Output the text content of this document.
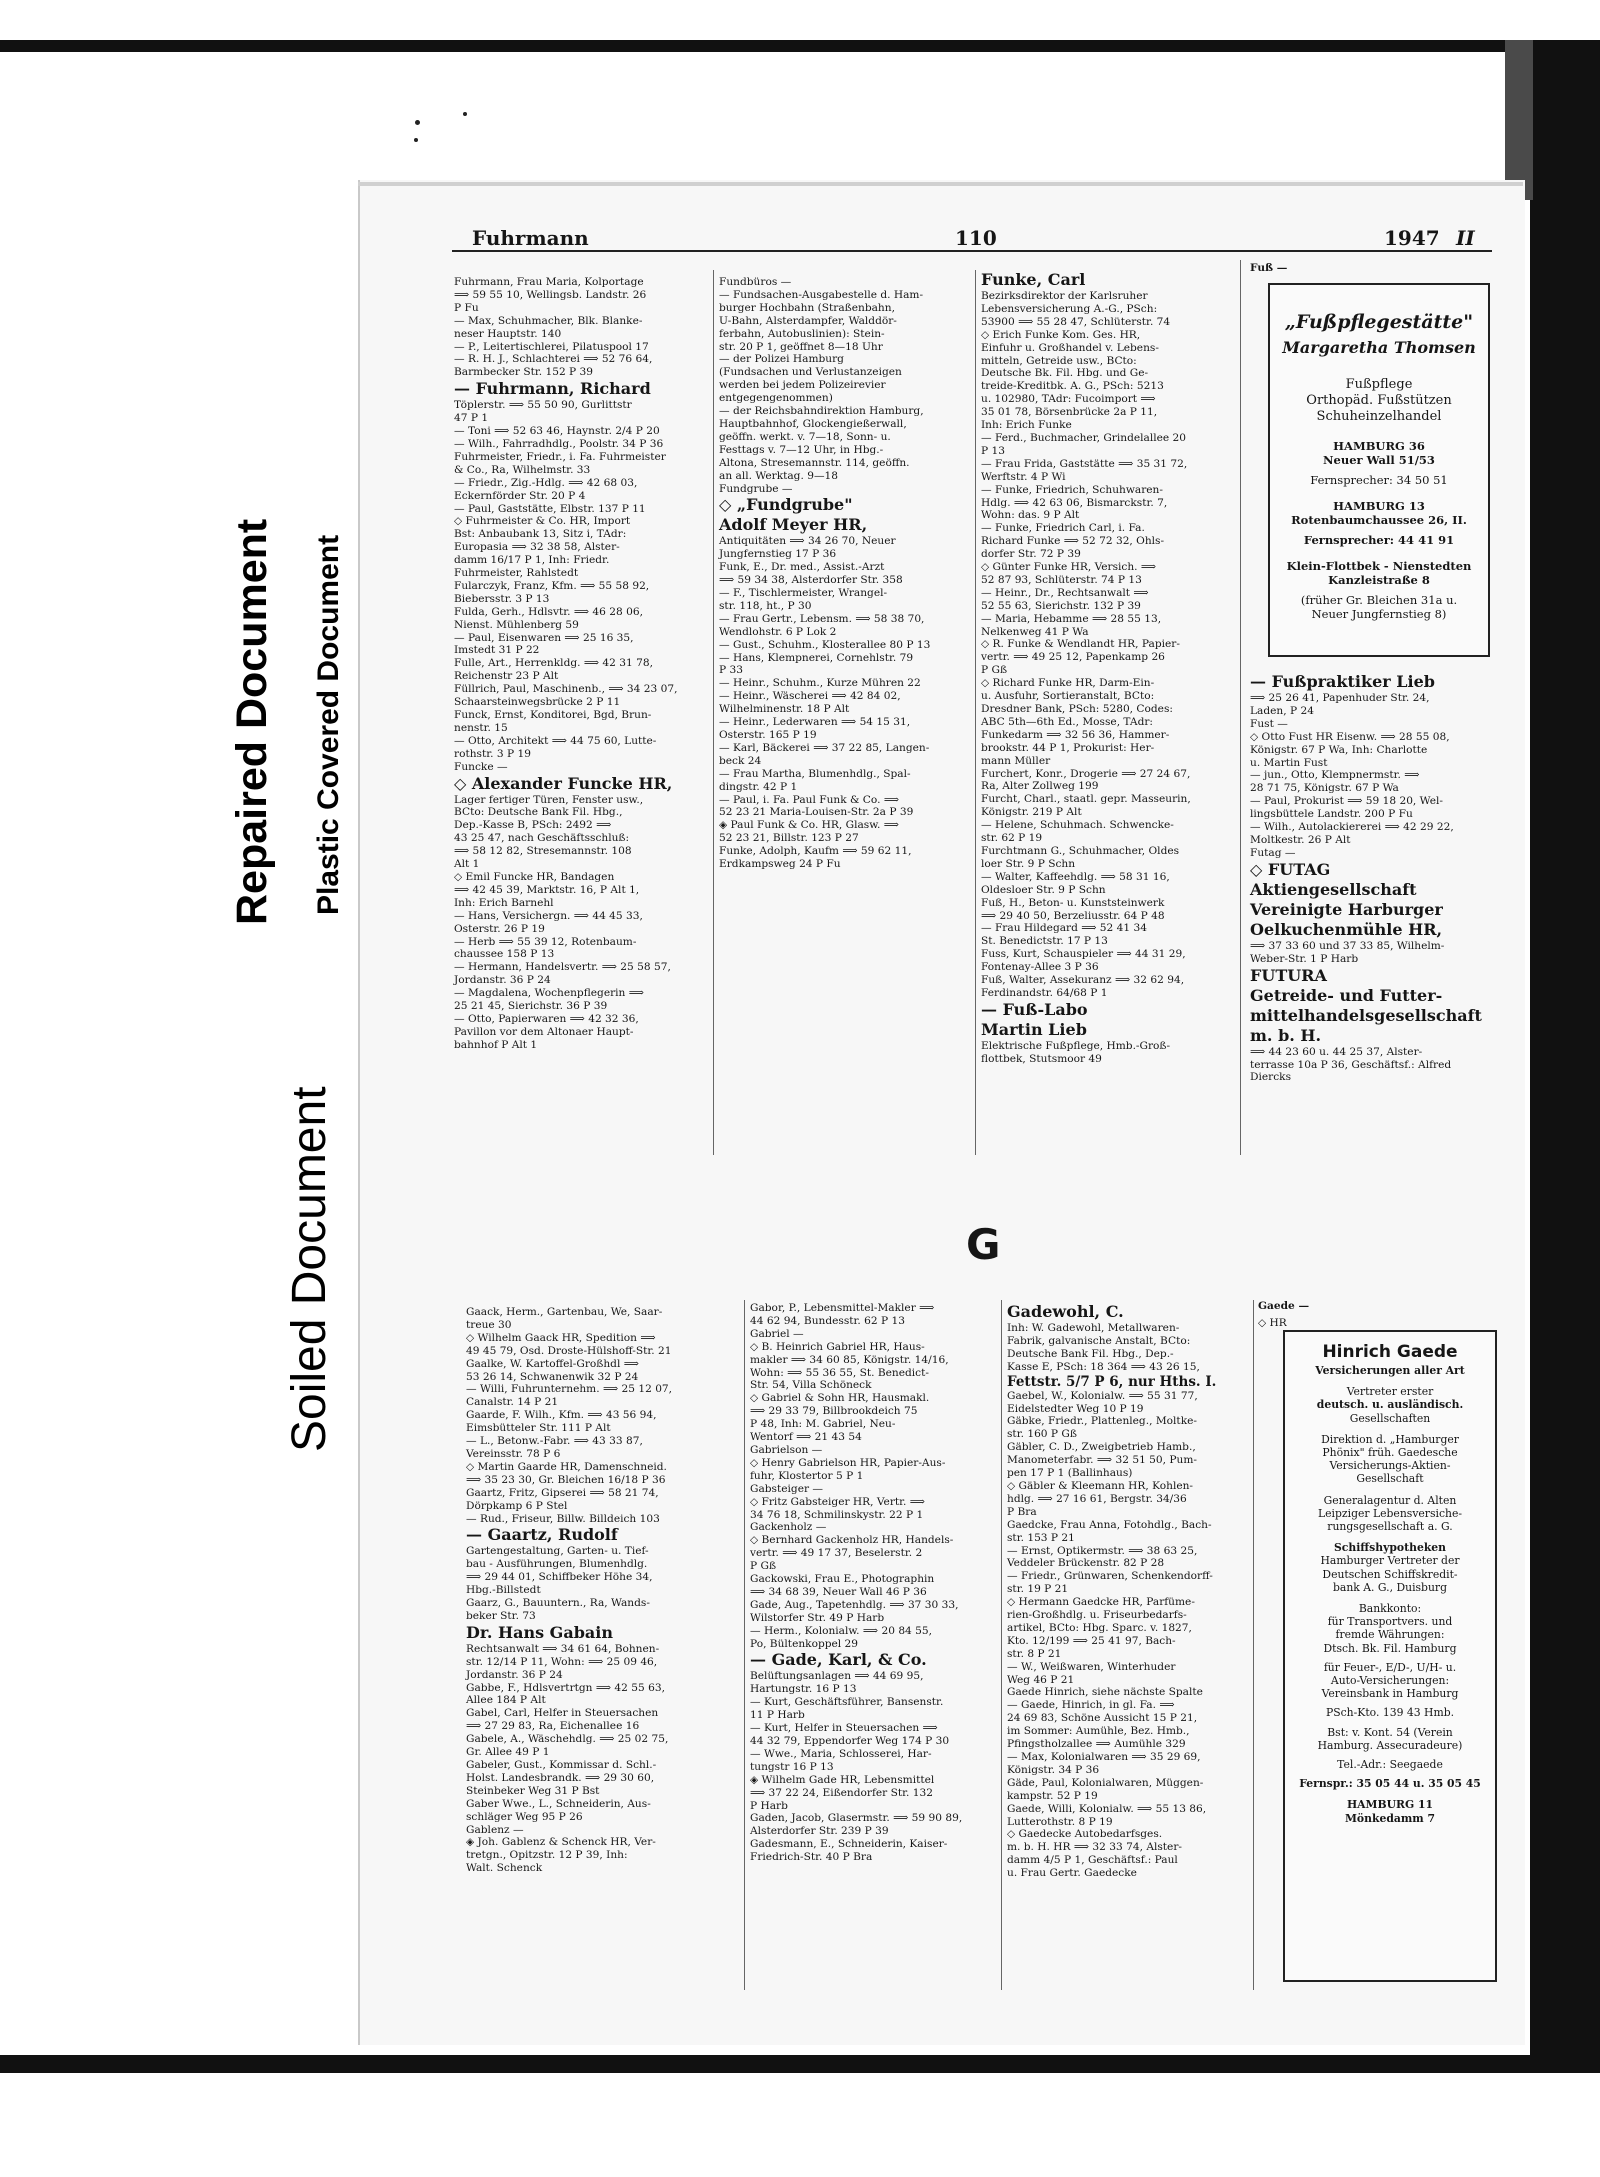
Repaired Document Plastic Covered Document
Soiled Document
Fuhrmann	110	1947 II

Fuhrmann, Frau Maria, Kolportage

⟹ 59 55 10, Wellingsb. Landstr. 26

P Fu

— Max, Schuhmacher, Blk. Blanke-

neser Hauptstr. 140

— P., Leitertischlerei, Pilatuspool 17

— R. H. J., Schlachterei ⟹ 52 76 64,

Barmbecker Str. 152 P 39

— Fuhrmann, Richard

Töplerstr. ⟹ 55 50 90, Gurlittstr

47 P 1

— Toni ⟹ 52 63 46, Haynstr. 2/4 P 20

— Wilh., Fahrradhdlg., Poolstr. 34 P 36

Fuhrmeister, Friedr., i. Fa. Fuhrmeister

& Co., Ra, Wilhelmstr. 33

— Friedr., Zig.-Hdlg. ⟹ 42 68 03,

Eckernförder Str. 20 P 4

— Paul, Gaststätte, Elbstr. 137 P 11

◇ Fuhrmeister & Co. HR, Import

Bst: Anbaubank 13, Sitz i, TAdr:

Europasia ⟹ 32 38 58, Alster-

damm 16/17 P 1, Inh: Friedr.

Fuhrmeister, Rahlstedt

Fularczyk, Franz, Kfm. ⟹ 55 58 92,

Biebersstr. 3 P 13

Fulda, Gerh., Hdlsvtr. ⟹ 46 28 06,

Nienst. Mühlenberg 59

— Paul, Eisenwaren ⟹ 25 16 35,

Imstedt 31 P 22

Fulle, Art., Herrenkldg. ⟹ 42 31 78,

Reichenstr 23 P Alt

Füllrich, Paul, Maschinenb., ⟹ 34 23 07,

Schaarsteinwegsbrücke 2 P 11

Funck, Ernst, Konditorei, Bgd, Brun-

nenstr. 15

— Otto, Architekt ⟹ 44 75 60, Lutte-

rothstr. 3 P 19

Funcke —

◇ Alexander Funcke HR,

Lager fertiger Türen, Fenster usw.,

BCto: Deutsche Bank Fil. Hbg.,

Dep.-Kasse B, PSch: 2492 ⟹

43 25 47, nach Geschäftsschluß:

⟹ 58 12 82, Stresemannstr. 108

Alt 1

◇ Emil Funcke HR, Bandagen

⟹ 42 45 39, Marktstr. 16, P Alt 1,

Inh: Erich Barnehl

— Hans, Versichergn. ⟹ 44 45 33,

Osterstr. 26 P 19

— Herb ⟹ 55 39 12, Rotenbaum-

chaussee 158 P 13

— Hermann, Handelsvertr. ⟹ 25 58 57,

Jordanstr. 36 P 24

— Magdalena, Wochenpflegerin ⟹

25 21 45, Sierichstr. 36 P 39

— Otto, Papierwaren ⟹ 42 32 36,

Pavillon vor dem Altonaer Haupt-

bahnhof P Alt 1

Fundbüros —

— Fundsachen-Ausgabestelle d. Ham-

burger Hochbahn (Straßenbahn,

U-Bahn, Alsterdampfer, Walddör-

ferbahn, Autobuslinien): Stein-

str. 20 P 1, geöffnet 8—18 Uhr

— der Polizei Hamburg

(Fundsachen und Verlustanzeigen

werden bei jedem Polizeirevier

entgegengenommen)

— der Reichsbahndirektion Hamburg,

Hauptbahnhof, Glockengießerwall,

geöffn. werkt. v. 7—18, Sonn- u.

Festtags v. 7—12 Uhr, in Hbg.-

Altona, Stresemannstr. 114, geöffn.

an all. Werktag. 9—18

Fundgrube —

◇ „Fundgrube"

Adolf Meyer HR,

Antiquitäten ⟹ 34 26 70, Neuer

Jungfernstieg 17 P 36

Funk, E., Dr. med., Assist.-Arzt

⟹ 59 34 38, Alsterdorfer Str. 358

— F., Tischlermeister, Wrangel-

str. 118, ht., P 30

— Frau Gertr., Lebensm. ⟹ 58 38 70,

Wendlohstr. 6 P Lok 2

— Gust., Schuhm., Klosterallee 80 P 13

— Hans, Klempnerei, Cornehlstr. 79

P 33

— Heinr., Schuhm., Kurze Mühren 22

— Heinr., Wäscherei ⟹ 42 84 02,

Wilhelminenstr. 18 P Alt

— Heinr., Lederwaren ⟹ 54 15 31,

Osterstr. 165 P 19

— Karl, Bäckerei ⟹ 37 22 85, Langen-

beck 24

— Frau Martha, Blumenhdlg., Spal-

dingstr. 42 P 1

— Paul, i. Fa. Paul Funk & Co. ⟹

52 23 21 Maria-Louisen-Str. 2a P 39

◈ Paul Funk & Co. HR, Glasw. ⟹

52 23 21, Billstr. 123 P 27

Funke, Adolph, Kaufm ⟹ 59 62 11,

Erdkampsweg 24 P Fu

Funke, Carl

Bezirksdirektor der Karlsruher

Lebensversicherung A.-G., PSch:

53900 ⟹ 55 28 47, Schlüterstr. 74

◇ Erich Funke Kom. Ges. HR,

Einfuhr u. Großhandel v. Lebens-

mitteln, Getreide usw., BCto:

Deutsche Bk. Fil. Hbg. und Ge-

treide-Kreditbk. A. G., PSch: 5213

u. 102980, TAdr: Fucoimport ⟹

35 01 78, Börsenbrücke 2a P 11,

Inh: Erich Funke

— Ferd., Buchmacher, Grindelallee 20

P 13

— Frau Frida, Gaststätte ⟹ 35 31 72,

Werftstr. 4 P Wi

— Funke, Friedrich, Schuhwaren-

Hdlg. ⟹ 42 63 06, Bismarckstr. 7,

Wohn: das. 9 P Alt

— Funke, Friedrich Carl, i. Fa.

Richard Funke ⟹ 52 72 32, Ohls-

dorfer Str. 72 P 39

◇ Günter Funke HR, Versich. ⟹

52 87 93, Schlüterstr. 74 P 13

— Heinr., Dr., Rechtsanwalt ⟹

52 55 63, Sierichstr. 132 P 39

— Maria, Hebamme ⟹ 28 55 13,

Nelkenweg 41 P Wa

◇ R. Funke & Wendlandt HR, Papier-

vertr. ⟹ 49 25 12, Papenkamp 26

P Gß

◇ Richard Funke HR, Darm-Ein-

u. Ausfuhr, Sortieranstalt, BCto:

Dresdner Bank, PSch: 5280, Codes:

ABC 5th—6th Ed., Mosse, TAdr:

Funkedarm ⟹ 32 56 36, Hammer-

brookstr. 44 P 1, Prokurist: Her-

mann Müller

Furchert, Konr., Drogerie ⟹ 27 24 67,

Ra, Alter Zollweg 199

Furcht, Charl., staatl. gepr. Masseurin,

Königstr. 219 P Alt

— Helene, Schuhmach. Schwencke-

str. 62 P 19

Furchtmann G., Schuhmacher, Oldes

loer Str. 9 P Schn

— Walter, Kaffeehdlg. ⟹ 58 31 16,

Oldesloer Str. 9 P Schn

Fuß, H., Beton- u. Kunststeinwerk

⟹ 29 40 50, Berzeliusstr. 64 P 48

— Frau Hildegard ⟹ 52 41 34

St. Benedictstr. 17 P 13

Fuss, Kurt, Schauspieler ⟹ 44 31 29,

Fontenay-Allee 3 P 36

Fuß, Walter, Assekuranz ⟹ 32 62 94,

Ferdinandstr. 64/68 P 1

— Fuß-Labo

Martin Lieb

Elektrische Fußpflege, Hmb.-Groß-

flottbek, Stutsmoor 49

Fuß —

„Fußpflegestätte"

Margaretha Thomsen

Fußpflege

Orthopäd. Fußstützen

Schuheinzelhandel

HAMBURG 36

Neuer Wall 51/53

Fernsprecher: 34 50 51

HAMBURG 13

Rotenbaumchaussee 26, II.

Fernsprecher: 44 41 91

Klein-Flottbek - Nienstedten

Kanzleistraße 8

(früher Gr. Bleichen 31a u.

Neuer Jungfernstieg 8)

— Fußpraktiker Lieb

⟹ 25 26 41, Papenhuder Str. 24,

Laden, P 24

Fust —

◇ Otto Fust HR Eisenw. ⟹ 28 55 08,

Königstr. 67 P Wa, Inh: Charlotte

u. Martin Fust

— jun., Otto, Klempnermstr. ⟹

28 71 75, Königstr. 67 P Wa

— Paul, Prokurist ⟹ 59 18 20, Wel-

lingsbüttele Landstr. 200 P Fu

— Wilh., Autolackiererei ⟹ 42 29 22,

Moltkestr. 26 P Alt

Futag —

◇ FUTAG

Aktiengesellschaft

Vereinigte Harburger

Oelkuchenmühle HR,

⟹ 37 33 60 und 37 33 85, Wilhelm-

Weber-Str. 1 P Harb

FUTURA

Getreide- und Futter-

mittelhandelsgesellschaft

m. b. H.

⟹ 44 23 60 u. 44 25 37, Alster-

terrasse 10a P 36, Geschäftsf.: Alfred

Diercks

G

Gaack, Herm., Gartenbau, We, Saar-

treue 30

◇ Wilhelm Gaack HR, Spedition ⟹

49 45 79, Osd. Droste-Hülshoff-Str. 21

Gaalke, W. Kartoffel-Großhdl ⟹

53 26 14, Schwanenwik 32 P 24

— Willi, Fuhrunternehm. ⟹ 25 12 07,

Canalstr. 14 P 21

Gaarde, F. Wilh., Kfm. ⟹ 43 56 94,

Eimsbütteler Str. 111 P Alt

— L., Betonw.-Fabr. ⟹ 43 33 87,

Vereinsstr. 78 P 6

◇ Martin Gaarde HR, Damenschneid.

⟹ 35 23 30, Gr. Bleichen 16/18 P 36

Gaartz, Fritz, Gipserei ⟹ 58 21 74,

Dörpkamp 6 P Stel

— Rud., Friseur, Billw. Billdeich 103

— Gaartz, Rudolf

Gartengestaltung, Garten- u. Tief-

bau - Ausführungen, Blumenhdlg.

⟹ 29 44 01, Schiffbeker Höhe 34,

Hbg.-Billstedt

Gaarz, G., Bauuntern., Ra, Wands-

beker Str. 73

Dr. Hans Gabain

Rechtsanwalt ⟹ 34 61 64, Bohnen-

str. 12/14 P 11, Wohn: ⟹ 25 09 46,

Jordanstr. 36 P 24

Gabbe, F., Hdlsvertrtgn ⟹ 42 55 63,

Allee 184 P Alt

Gabel, Carl, Helfer in Steuersachen

⟹ 27 29 83, Ra, Eichenallee 16

Gabele, A., Wäschehdlg. ⟹ 25 02 75,

Gr. Allee 49 P 1

Gabeler, Gust., Kommissar d. Schl.-

Holst. Landesbrandk. ⟹ 29 30 60,

Steinbeker Weg 31 P Bst

Gaber Wwe., L., Schneiderin, Aus-

schläger Weg 95 P 26

Gablenz —

◈ Joh. Gablenz & Schenck HR, Ver-

tretgn., Opitzstr. 12 P 39, Inh:

Walt. Schenck

Gabor, P., Lebensmittel-Makler ⟹

44 62 94, Bundesstr. 62 P 13

Gabriel —

◇ B. Heinrich Gabriel HR, Haus-

makler ⟹ 34 60 85, Königstr. 14/16,

Wohn: ⟹ 55 36 55, St. Benedict-

Str. 54, Villa Schöneck

◇ Gabriel & Sohn HR, Hausmakl.

⟹ 29 33 79, Billbrookdeich 75

P 48, Inh: M. Gabriel, Neu-

Wentorf ⟹ 21 43 54

Gabrielson —

◇ Henry Gabrielson HR, Papier-Aus-

fuhr, Klostertor 5 P 1

Gabsteiger —

◇ Fritz Gabsteiger HR, Vertr. ⟹

34 76 18, Schmilinskystr. 22 P 1

Gackenholz —

◇ Bernhard Gackenholz HR, Handels-

vertr. ⟹ 49 17 37, Beselerstr. 2

P Gß

Gackowski, Frau E., Photographin

⟹ 34 68 39, Neuer Wall 46 P 36

Gade, Aug., Tapetenhdlg. ⟹ 37 30 33,

Wilstorfer Str. 49 P Harb

— Herm., Kolonialw. ⟹ 20 84 55,

Po, Bültenkoppel 29

— Gade, Karl, & Co.

Belüftungsanlagen ⟹ 44 69 95,

Hartungstr. 16 P 13

— Kurt, Geschäftsführer, Bansenstr.

11 P Harb

— Kurt, Helfer in Steuersachen ⟹

44 32 79, Eppendorfer Weg 174 P 30

— Wwe., Maria, Schlosserei, Har-

tungstr 16 P 13

◈ Wilhelm Gade HR, Lebensmittel

⟹ 37 22 24, Eißendorfer Str. 132

P Harb

Gaden, Jacob, Glasermstr. ⟹ 59 90 89,

Alsterdorfer Str. 239 P 39

Gadesmann, E., Schneiderin, Kaiser-

Friedrich-Str. 40 P Bra

Gadewohl, C.

Inh: W. Gadewohl, Metallwaren-

Fabrik, galvanische Anstalt, BCto:

Deutsche Bank Fil. Hbg., Dep.-

Kasse E, PSch: 18 364 ⟹ 43 26 15,

Fettstr. 5/7 P 6, nur Hths. I.

Gaebel, W., Kolonialw. ⟹ 55 31 77,

Eidelstedter Weg 10 P 19

Gäbke, Friedr., Plattenleg., Moltke-

str. 160 P Gß

Gäbler, C. D., Zweigbetrieb Hamb.,

Manometerfabr. ⟹ 32 51 50, Pum-

pen 17 P 1 (Ballinhaus)

◇ Gäbler & Kleemann HR, Kohlen-

hdlg. ⟹ 27 16 61, Bergstr. 34/36

P Bra

Gaedcke, Frau Anna, Fotohdlg., Bach-

str. 153 P 21

— Ernst, Optikermstr. ⟹ 38 63 25,

Veddeler Brückenstr. 82 P 28

— Friedr., Grünwaren, Schenkendorff-

str. 19 P 21

◇ Hermann Gaedcke HR, Parfüme-

rien-Großhdlg. u. Friseurbedarfs-

artikel, BCto: Hbg. Sparc. v. 1827,

Kto. 12/199 ⟹ 25 41 97, Bach-

str. 8 P 21

— W., Weißwaren, Winterhuder

Weg 46 P 21

Gaede Hinrich, siehe nächste Spalte

— Gaede, Hinrich, in gl. Fa. ⟹

24 69 83, Schöne Aussicht 15 P 21,

im Sommer: Aumühle, Bez. Hmb.,

Pfingstholzallee ⟹ Aumühle 329

— Max, Kolonialwaren ⟹ 35 29 69,

Königstr. 34 P 36

Gäde, Paul, Kolonialwaren, Müggen-

kampstr. 52 P 19

Gaede, Willi, Kolonialw. ⟹ 55 13 86,

Lutterothstr. 8 P 19

◇ Gaedecke Autobedarfsges.

m. b. H. HR ⟹ 32 33 74, Alster-

damm 4/5 P 1, Geschäftsf.: Paul

u. Frau Gertr. Gaedecke

Gaede —

◇ HR

Hinrich Gaede

Versicherungen aller Art

Vertreter erster

deutsch. u. ausländisch.

Gesellschaften

Direktion d. „Hamburger

Phönix" früh. Gaedesche

Versicherungs-Aktien-

Gesellschaft

Generalagentur d. Alten

Leipziger Lebensversiche-

rungsgesellschaft a. G.

Schiffshypotheken

Hamburger Vertreter der

Deutschen Schiffskredit-

bank A. G., Duisburg

Bankkonto:

für Transportvers. und

fremde Währungen:

Dtsch. Bk. Fil. Hamburg

für Feuer-, E/D-, U/H- u.

Auto-Versicherungen:

Vereinsbank in Hamburg

PSch-Kto. 139 43 Hmb.

Bst: v. Kont. 54 (Verein

Hamburg. Assecuradeure)

Tel.-Adr.: Seegaede

Fernspr.: 35 05 44 u. 35 05 45

HAMBURG 11

Mönkedamm 7
